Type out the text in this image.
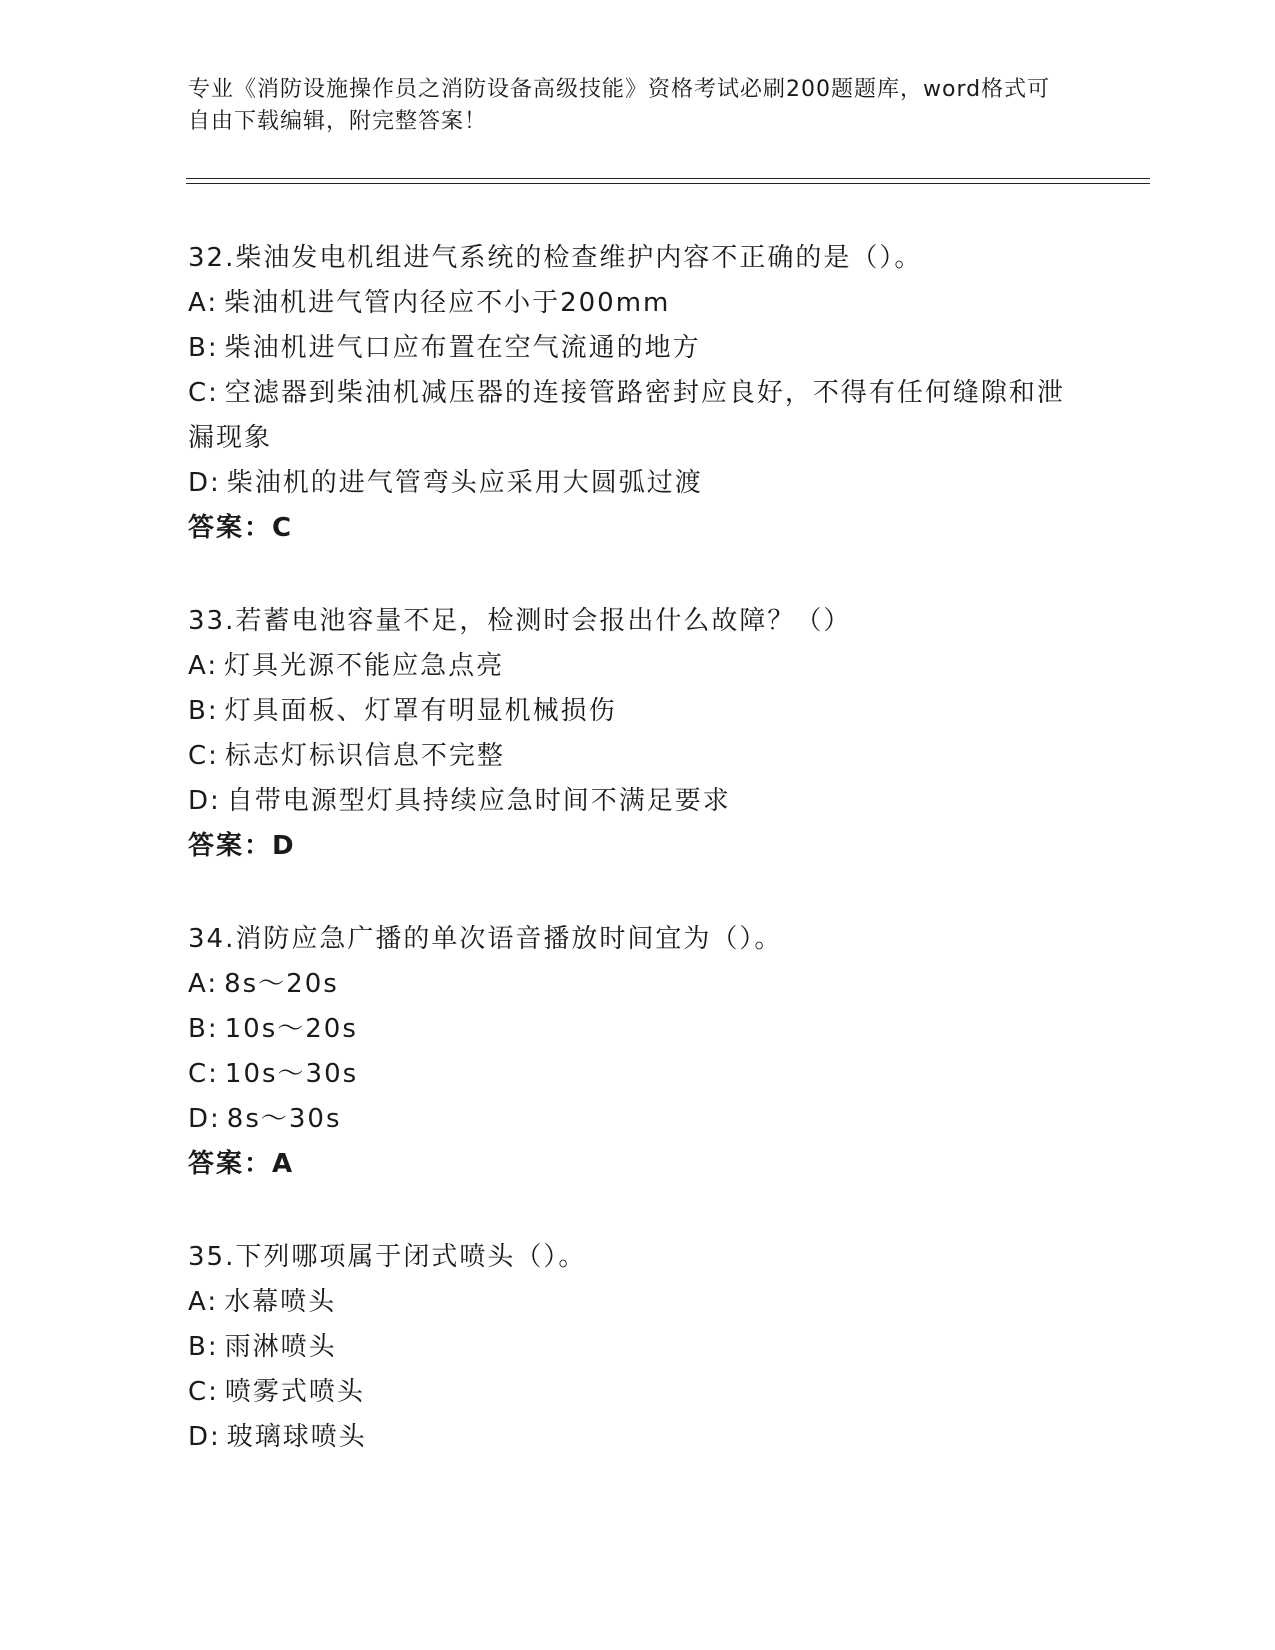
专业《消防设施操作员之消防设备高级技能》资格考试必刷200题题库，word格式可自由下载编辑，附完整答案！
32.柴油发电机组进气系统的检查维护内容不正确的是（）。
A: 柴油机进气管内径应不小于200mm
B: 柴油机进气口应布置在空气流通的地方
C: 空滤器到柴油机减压器的连接管路密封应良好，不得有任何缝隙和泄漏现象
D: 柴油机的进气管弯头应采用大圆弧过渡
答案：C
33.若蓄电池容量不足，检测时会报出什么故障？（）
A: 灯具光源不能应急点亮
B: 灯具面板、灯罩有明显机械损伤
C: 标志灯标识信息不完整
D: 自带电源型灯具持续应急时间不满足要求
答案：D
34.消防应急广播的单次语音播放时间宜为（）。
A: 8s～20s
B: 10s～20s
C: 10s～30s
D: 8s～30s
答案：A
35.下列哪项属于闭式喷头（）。
A: 水幕喷头
B: 雨淋喷头
C: 喷雾式喷头
D: 玻璃球喷头
